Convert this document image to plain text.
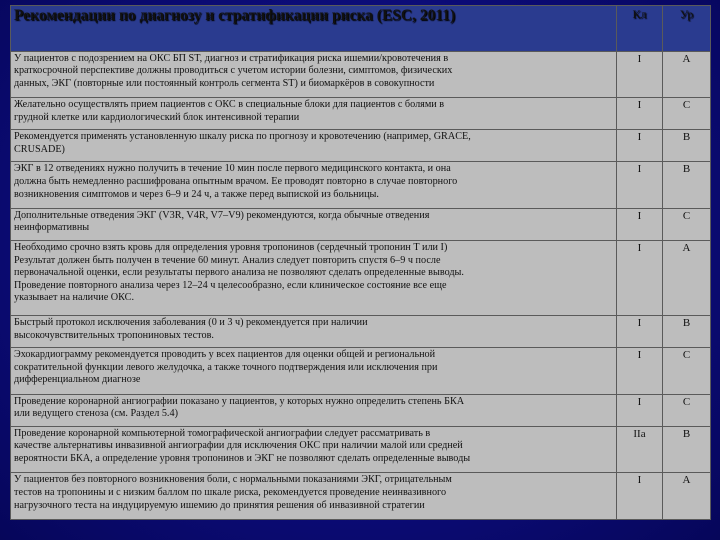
Рекомендации по диагнозу и стратификации риска (ESC, 2011)	Кл	Ур

У пациентов с подозрением на ОКС БП ST, диагноз и стратификация риска ишемии/кровотечения в
краткосрочной перспективе должны проводиться с учетом истории болезни, симптомов, физических
данных, ЭКГ (повторные или постоянный контроль сегмента ST) и биомаркёров в совокупности	I	A

Желательно осуществлять прием пациентов с ОКС в специальные блоки для пациентов с болями в
грудной клетке или кардиологический блок интенсивной терапии	I	C

Рекомендуется применять установленную шкалу риска по прогнозу и кровотечению (например, GRACE,
CRUSADE)	I	B

ЭКГ в 12 отведениях нужно получить в течение 10 мин после первого медицинского контакта, и она
должна быть немедленно расшифрована опытным врачом. Ее проводят повторно в случае повторного
возникновения симптомов и через 6–9 и 24 ч, а также перед выпиской из больницы.	I	B

Дополнительные отведения ЭКГ (V3R, V4R, V7–V9) рекомендуются, когда обычные отведения
неинформативны	I	C

Необходимо срочно взять кровь для определения уровня тропонинов (сердечный тропонин T или I)
Результат должен быть получен в течение 60 минут. Анализ следует повторить спустя 6–9 ч после
первоначальной оценки, если результаты первого анализа не позволяют сделать определенные выводы.
Проведение повторного анализа через 12–24 ч целесообразно, если клиническое состояние все еще
указывает на наличие ОКС.	I	A

Быстрый протокол исключения заболевания (0 и 3 ч) рекомендуется при наличии
высокочувствительных тропониновых тестов.	I	B

Эхокардиограмму рекомендуется проводить у всех пациентов для оценки общей и региональной
сократительной функции левого желудочка, а также точного подтверждения или исключения при
дифференциальном диагнозе	I	C

Проведение коронарной ангиографии показано у пациентов, у которых нужно определить степень БКА
или ведущего стеноза (см. Раздел 5.4)	I	C

Проведение коронарной компьютерной томографической ангиографии следует рассматривать в
качестве альтернативы инвазивной ангиографии для исключения ОКС при наличии малой или средней
вероятности БКА, а определение уровня тропонинов и ЭКГ не позволяют сделать определенные выводы	IIa	B

У пациентов без повторного возникновения боли, с нормальными показаниями ЭКГ, отрицательным
тестов на тропонины и с низким баллом по шкале риска, рекомендуется проведение неинвазивного
нагрузочного теста на индуцируемую ишемию до принятия решения об инвазивной стратегии	I	A
